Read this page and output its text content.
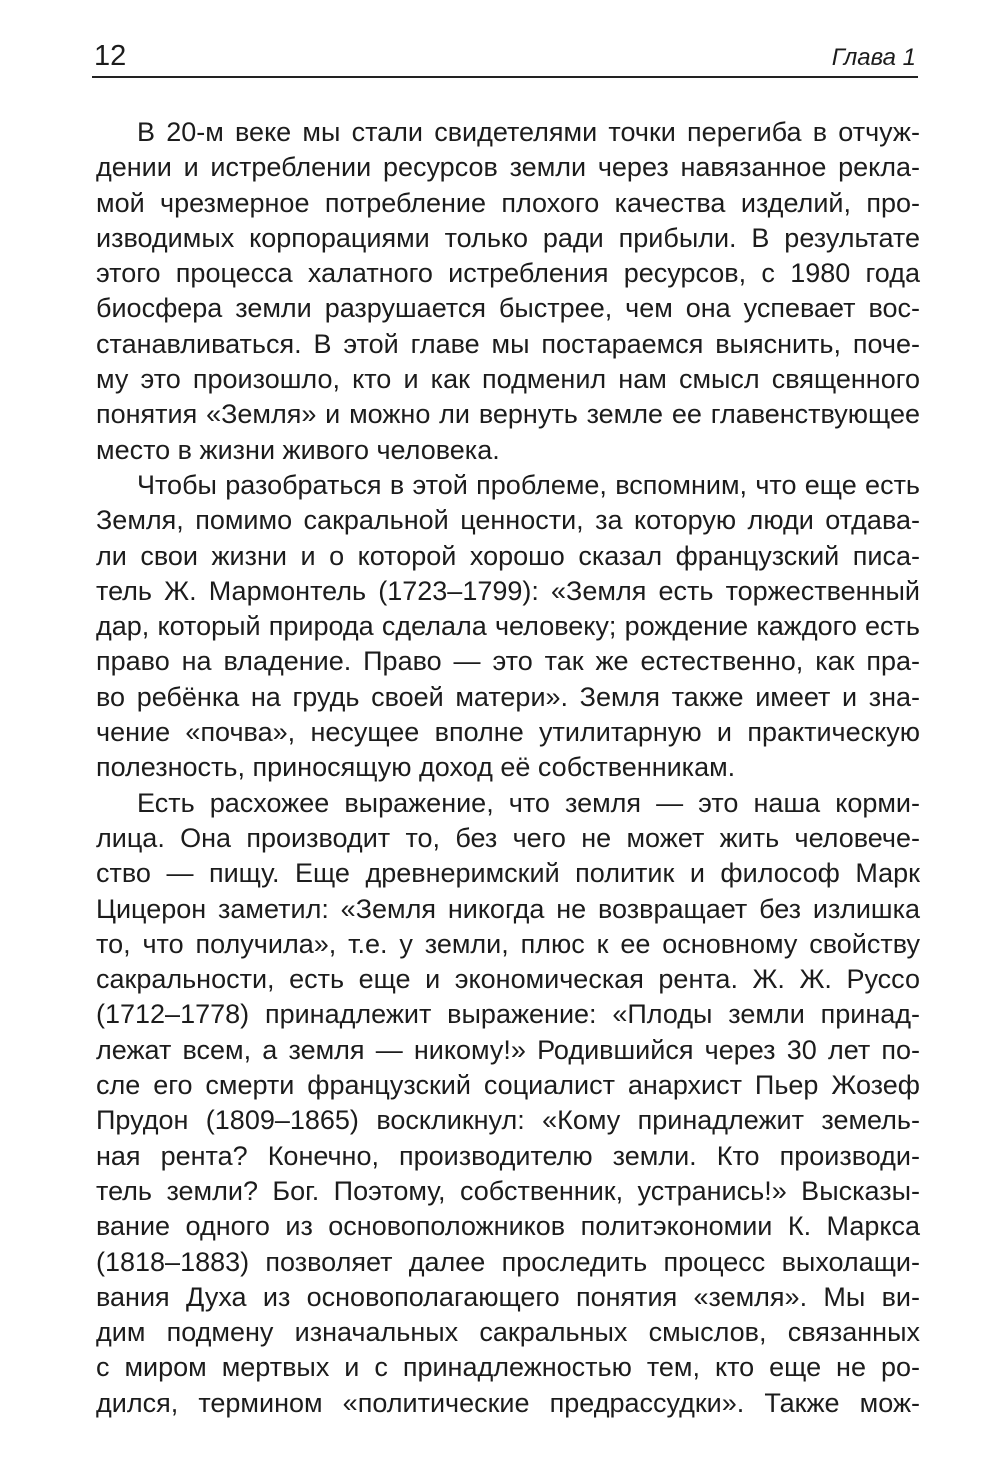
12	Глава 1
В 20-м веке мы стали свидетелями точки перегиба в отчуж-
дении и истреблении ресурсов земли через навязанное рекла-
мой чрезмерное потребление плохого качества изделий, про-
изводимых корпорациями только ради прибыли. В результате
этого процесса халатного истребления ресурсов, с 1980 года
биосфера земли разрушается быстрее, чем она успевает вос-
станавливаться. В этой главе мы постараемся выяснить, поче-
му это произошло, кто и как подменил нам смысл священного
понятия «Земля» и можно ли вернуть земле ее главенствующее
место в жизни живого человека.
Чтобы разобраться в этой проблеме, вспомним, что еще есть
Земля, помимо сакральной ценности, за которую люди отдава-
ли свои жизни и о которой хорошо сказал французский писа-
тель Ж. Мармонтель (1723–1799): «Земля есть торжественный
дар, который природа сделала человеку; рождение каждого есть
право на владение. Право — это так же естественно, как пра-
во ребёнка на грудь своей матери». Земля также имеет и зна-
чение «почва», несущее вполне утилитарную и практическую
полезность, приносящую доход её собственникам.
Есть расхожее выражение, что земля — это наша корми-
лица. Она производит то, без чего не может жить человече-
ство — пищу. Еще древнеримский политик и философ Марк
Цицерон заметил: «Земля никогда не возвращает без излишка
то, что получила», т.е. у земли, плюс к ее основному свойству
сакральности, есть еще и экономическая рента. Ж. Ж. Руссо
(1712–1778) принадлежит выражение: «Плоды земли принад-
лежат всем, а земля — никому!» Родившийся через 30 лет по-
сле его смерти французский социалист анархист Пьер Жозеф
Прудон (1809–1865) воскликнул: «Кому принадлежит земель-
ная рента? Конечно, производителю земли. Кто производи-
тель земли? Бог. Поэтому, собственник, устранись!» Высказы-
вание одного из основоположников политэкономии К. Маркса
(1818–1883) позволяет далее проследить процесс выхолащи-
вания Духа из основополагающего понятия «земля». Мы ви-
дим подмену изначальных сакральных смыслов, связанных
с миром мертвых и с принадлежностью тем, кто еще не ро-
дился, термином «политические предрассудки». Также мож-
